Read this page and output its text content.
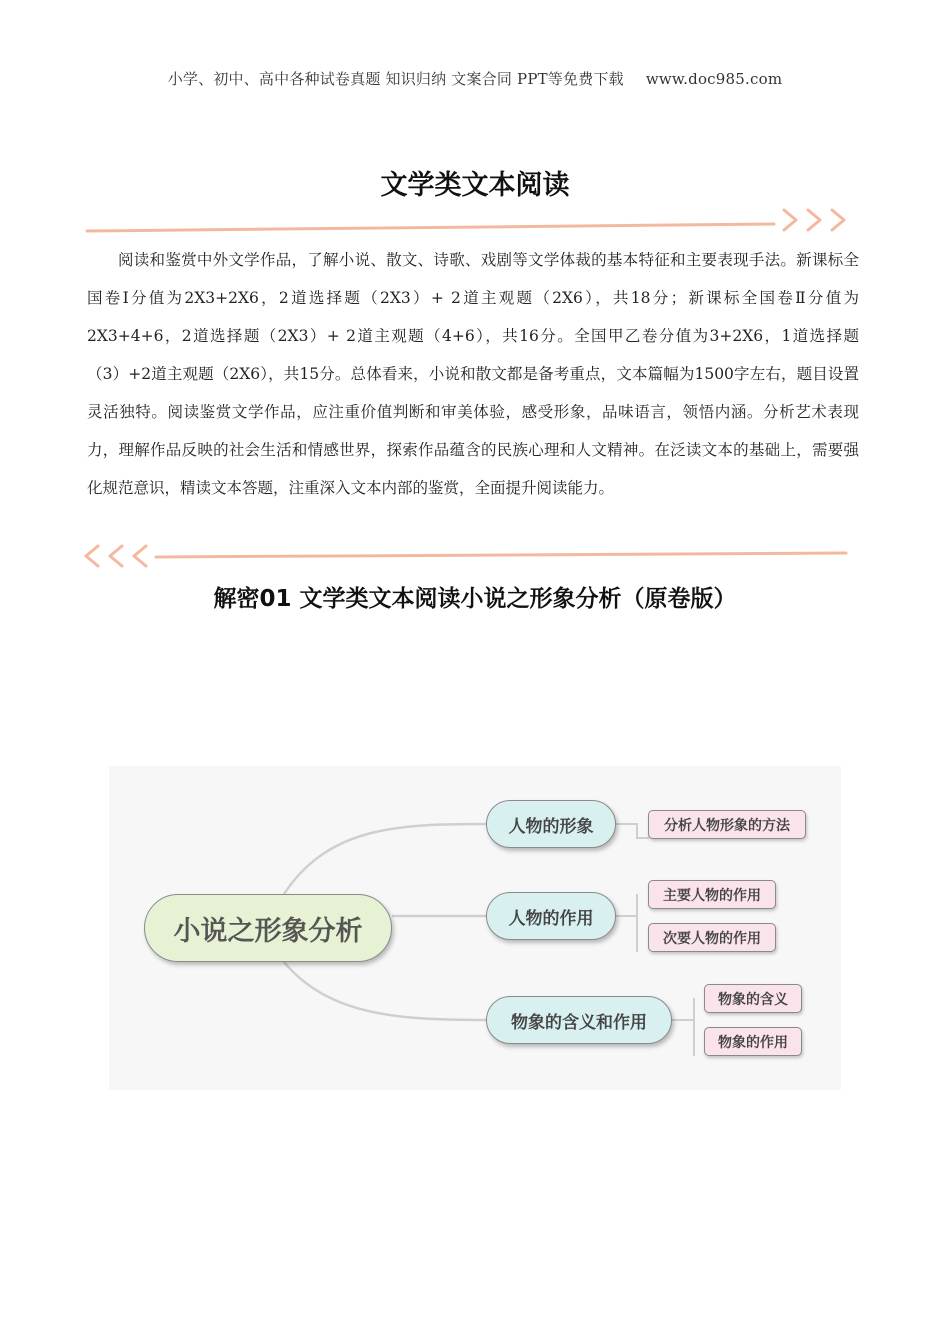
小学、初中、高中各种试卷真题 知识归纳 文案合同 PPT等免费下载 www.doc985.com
文学类文本阅读

阅读和鉴赏中外文学作品，了解小说、散文、诗歌、戏剧等文学体裁的基本特征和主要表现手法。新课标全国卷Ⅰ分值为2X3+2X6，2道选择题（2X3）+ 2道主观题（2X6），共18分；新课标全国卷Ⅱ分值为2X3+4+6，2道选择题（2X3）+ 2道主观题（4+6），共16分。全国甲乙卷分值为3+2X6，1道选择题（3）+2道主观题（2X6），共15分。总体看来，小说和散文都是备考重点，文本篇幅为1500字左右，题目设置灵活独特。阅读鉴赏文学作品，应注重价值判断和审美体验，感受形象，品味语言，领悟内涵。分析艺术表现力，理解作品反映的社会生活和情感世界，探索作品蕴含的民族心理和人文精神。在泛读文本的基础上，需要强化规范意识，精读文本答题，注重深入文本内部的鉴赏，全面提升阅读能力。

解密01 文学类文本阅读小说之形象分析（原卷版）
小说之形象分析
人物的形象
人物的作用
物象的含义和作用
分析人物形象的方法
主要人物的作用
次要人物的作用
物象的含义
物象的作用
